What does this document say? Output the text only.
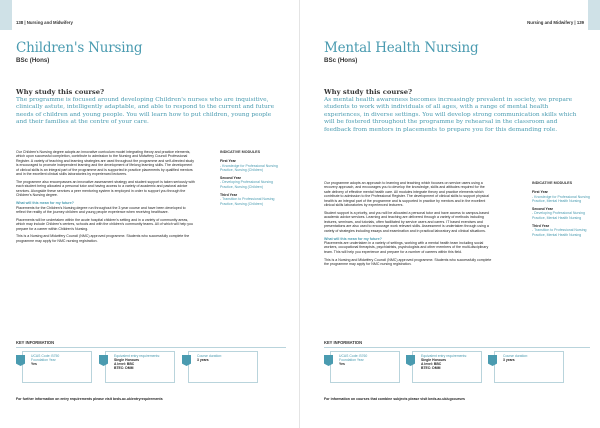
138 | Nursing and Midwifery
Children's Nursing
BSc (Hons)
Why study this course?
The programme is focused around developing Children's nurses who are inquisitive, clinically astute, intelligently adaptable, and able to respond to the current and future needs of children and young people. You will learn how to put children, young people and their families at the centre of your care.

Our Children's Nursing degree adopts an innovative curriculum model integrating theory and practice elements, which upon successful completion, contribute to admission to the Nursing and Midwifery Council Professional Register. A variety of teaching and learning strategies are used throughout the programme and self-directed study is encouraged to promote independent learning and the development of lifelong learning skills. The development of clinical skills is an integral part of the programme and is supported in practice placements by qualified mentors and in the excellent clinical skills laboratories by experienced lecturers.

The programme also encompasses an innovative assessment strategy and student support is taken seriously with each student being allocated a personal tutor and having access to a variety of academic and pastoral advice services. Alongside these services a peer mentoring system is employed in order to support you through the Children's Nursing degree.

What will this mean for my future?

Placements for the Children's Nursing degree run throughout the 3 year course and have been developed to reflect the reality of the journey children and young people experience when receiving healthcare.

Placements will be undertaken within the acute hospital children's setting and in a variety of community areas, which may include Children's centres, schools and with the children's community teams. All of which will help you prepare for a career within Children's Nursing.

This is a Nursing and Midwifery Council (NMC) approved programme. Students who successfully complete the programme may apply for NMC nursing registration.

INDICATIVE MODULES
First Year
- Knowledge for Professional Nursing Practice, Nursing (Children)
Second Year
- Developing Professional Nursing Practice, Nursing (Children)
Third Year
- Transition to Professional Nursing Practice, Nursing (Children)
KEY INFORMATION
UCAS Code: B750
Foundation Year
Yes
Equivalent entry requirements:
Single Honours
A level: BBC
BTEC: DMM
Course duration:
3 years
For further information on entry requirements please visit beds.ac.uk/entryrequirements
Nursing and Midwifery | 139
Mental Health Nursing
BSc (Hons)
Why study this course?
As mental health awareness becomes increasingly prevalent in society, we prepare students to work with individuals of all ages, with a range of mental health experiences, in diverse settings. You will develop strong communication skills which will be fostered throughout the programme by rehearsal in the classroom and feedback from mentors in placements to prepare you for this demanding role.

Our programme adopts an approach to learning and teaching which focuses on service users using a recovery approach, and encourages you to develop the knowledge, skills and attitudes required for the safe delivery of effective mental health care. All modules integrate theory and practice elements which contribute to admission to the Professional Register. The development of clinical skills to support physical health is an integral part of the programme and is supported in practice by mentors and in the excellent clinical skills laboratories by experienced lecturers.

Student support is a priority, and you will be allocated a personal tutor and have access to campus-based academic advice services. Learning and teaching are delivered through a variety of methods including lectures, seminars, and tutorials, often facilitated by service users and carers. IT based exercises and presentations are also used to encourage work relevant skills. Assessment is undertaken through using a variety of strategies including essays and examination and in practical laboratory and clinical situations.

What will this mean for my future?

Placements are undertaken in a variety of settings, working with a mental health team including social workers, occupational therapists, psychiatrists, psychologists and other members of the multi-disciplinary team. This will help you experience and prepare for a number of careers within this field.

This is a Nursing and Midwifery Council (NMC) approved programme. Students who successfully complete the programme may apply for NMC nursing registration.

INDICATIVE MODULES
First Year
- Knowledge for Professional Nursing Practice, Mental Health Nursing
Second Year
- Developing Professional Nursing Practice, Mental Health Nursing
Third Year
- Transition to Professional Nursing Practice, Mental Health Nursing
KEY INFORMATION
UCAS Code: B760
Foundation Year
Yes
Equivalent entry requirements:
Single Honours
A level: BBC
BTEC: DMM
Course duration:
3 years
For information on courses that combine subjects please visit beds.ac.uk/ugcourses
